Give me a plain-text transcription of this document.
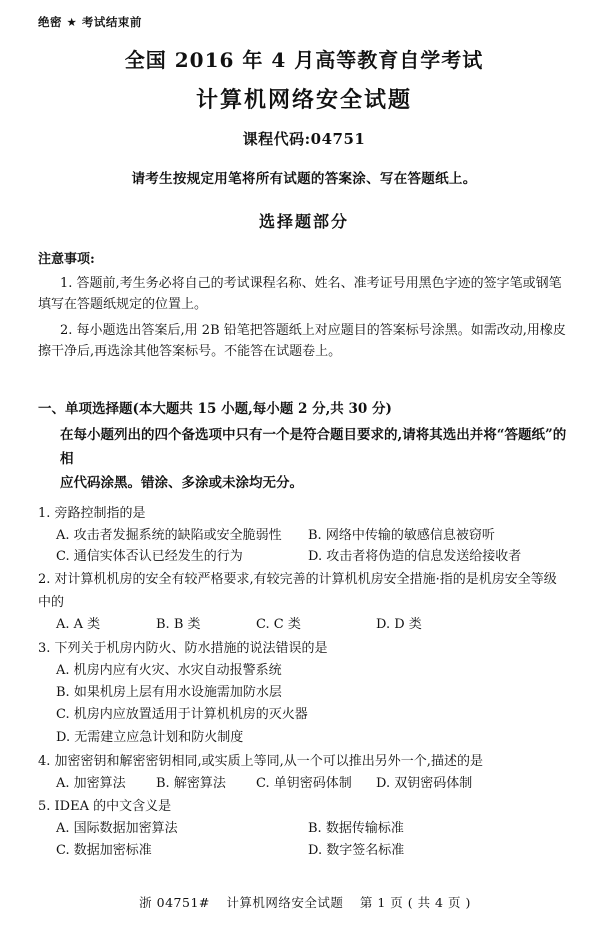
绝密 ★ 考试结束前
全国 2016 年 4 月高等教育自学考试
计算机网络安全试题
课程代码:04751
请考生按规定用笔将所有试题的答案涂、写在答题纸上。
选择题部分
注意事项:
1. 答题前,考生务必将自己的考试课程名称、姓名、准考证号用黑色字迹的签字笔或钢笔填写在答题纸规定的位置上。
2. 每小题选出答案后,用 2B 铅笔把答题纸上对应题目的答案标号涂黑。如需改动,用橡皮擦干净后,再选涂其他答案标号。不能答在试题卷上。
一、单项选择题(本大题共 15 小题,每小题 2 分,共 30 分)
在每小题列出的四个备选项中只有一个是符合题目要求的,请将其选出并将“答题纸”的相
应代码涂黑。错涂、多涂或未涂均无分。
1. 旁路控制指的是
A. 攻击者发掘系统的缺陷或安全脆弱性	B. 网络中传输的敏感信息被窃听
C. 通信实体否认已经发生的行为	D. 攻击者将伪造的信息发送给接收者
2. 对计算机机房的安全有较严格要求,有较完善的计算机机房安全措施·指的是机房安全等级
中的
A. A 类	B. B 类	C. C 类	D. D 类
3. 下列关于机房内防火、防水措施的说法错误的是
A. 机房内应有火灾、水灾自动报警系统
B. 如果机房上层有用水设施需加防水层
C. 机房内应放置适用于计算机机房的灭火器
D. 无需建立应急计划和防火制度
4. 加密密钥和解密密钥相同,或实质上等同,从一个可以推出另外一个,描述的是
A. 加密算法	B. 解密算法	C. 单钥密码体制	D. 双钥密码体制
5. IDEA 的中文含义是
A. 国际数据加密算法	B. 数据传输标准
C. 数据加密标准	D. 数字签名标准
浙 04751# 计算机网络安全试题 第 1 页 ( 共 4 页 )
